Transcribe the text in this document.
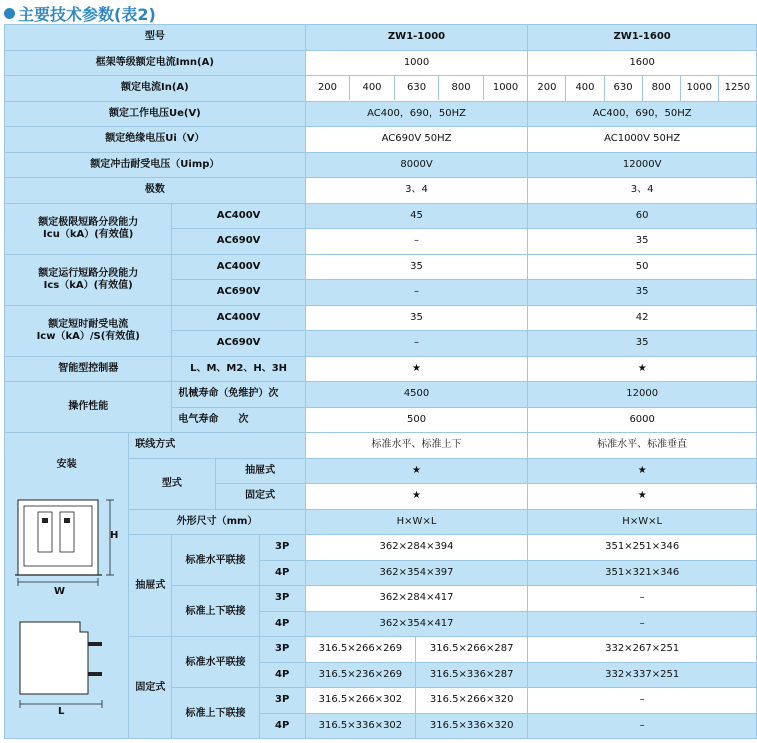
主要技术参数(表2)
型号					ZW1-1000		ZW1-1600					
框架等级额定电流Imn(A)					1000		1600					
额定电流In(A)					200 400 630 800 1000		200	400	630	800	1000	1250
额定工作电压Ue(V)					AC400，690，50HZ		AC400，690，50HZ					
额定绝缘电压Ui（V）					AC690V 50HZ		AC1000V 50HZ					
额定冲击耐受电压（Uimp）					8000V		12000V					
极数					3、4		3、4					

额定极限短路分段能力
Icu（kA）(有效值)		AC400V			45		60					
		AC690V			–		35					

额定运行短路分段能力
Ics（kA）(有效值)		AC400V			35		50					
		AC690V			–		35					

额定短时耐受电流
Icw（kA）/S(有效值)		AC400V			35		42					
		AC690V			–		35					
智能型控制器		L、M、M2、H、3H			★		★					
操作性能		机械寿命（免维护）次			4500		12000					
		电气寿命　　次			500		6000					

安装	联线方式				标准水平、标准上下		标准水平、标准垂直					
	型式		抽屉式		★		★					
			固定式		★		★					
	外形尺寸（mm）				H×W×L		H×W×L					
	抽屉式	标准水平联接		3P	362×284×394		351×251×346					
				4P	362×354×397		351×321×346					
		标准上下联接		3P	362×284×417		–					
				4P	362×354×417		–					
	固定式	标准水平联接		3P	316.5×266×269	316.5×266×287	332×267×251					
				4P	316.5×236×269	316.5×336×287	332×337×251					
		标准上下联接		3P	316.5×266×302	316.5×266×320	–					
				4P	316.5×336×302	316.5×336×320	–					
H
W
L
